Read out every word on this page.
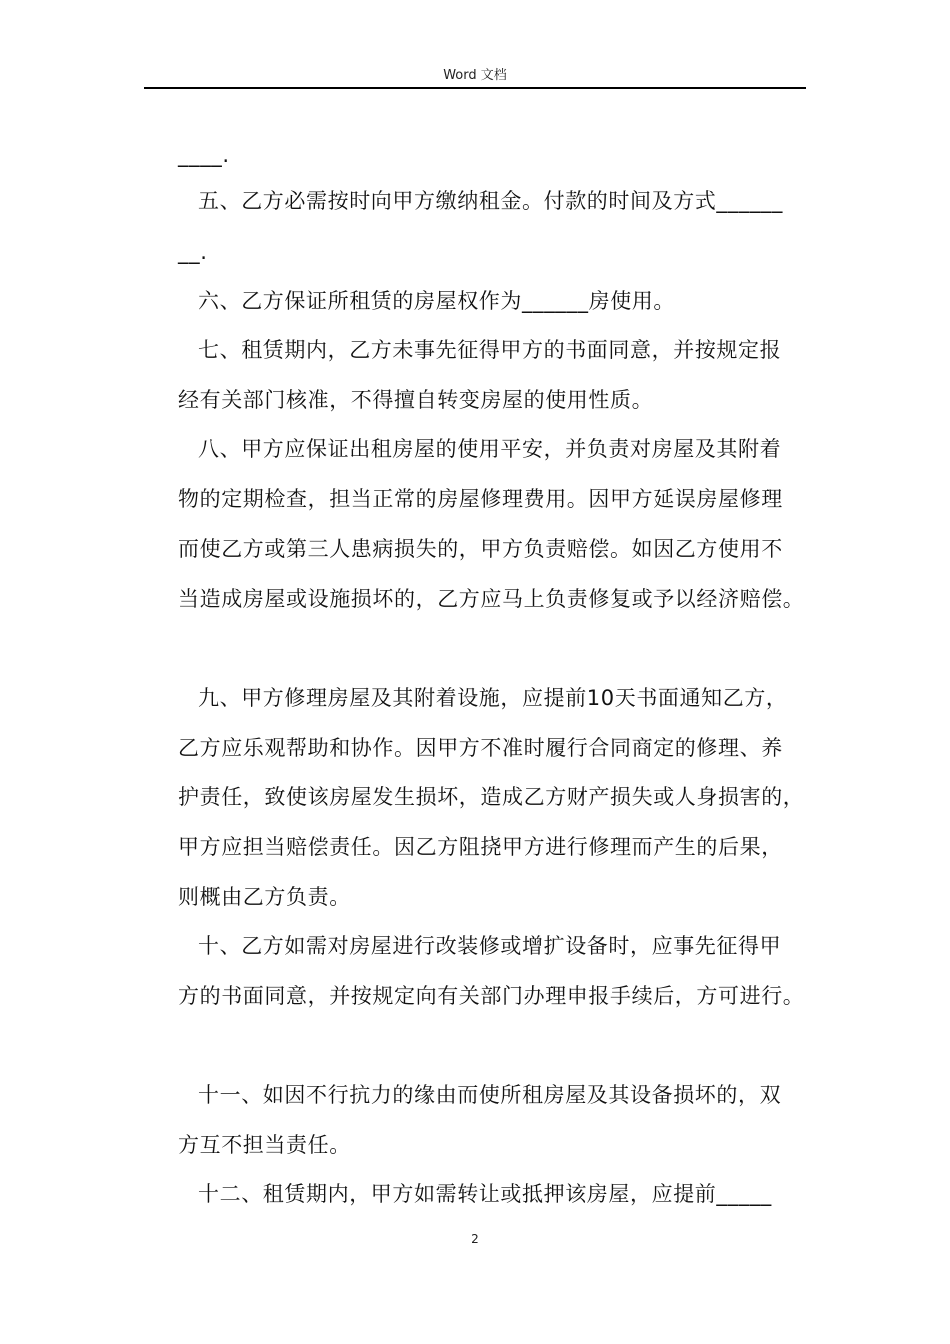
Word 文档
____.
五、乙方必需按时向甲方缴纳租金。付款的时间及方式______
__.
六、乙方保证所租赁的房屋权作为______房使用。
七、租赁期内，乙方未事先征得甲方的书面同意，并按规定报
经有关部门核准，不得擅自转变房屋的使用性质。
八、甲方应保证出租房屋的使用平安，并负责对房屋及其附着
物的定期检查，担当正常的房屋修理费用。因甲方延误房屋修理
而使乙方或第三人患病损失的，甲方负责赔偿。如因乙方使用不
当造成房屋或设施损坏的，乙方应马上负责修复或予以经济赔偿。
九、甲方修理房屋及其附着设施，应提前10天书面通知乙方，
乙方应乐观帮助和协作。因甲方不准时履行合同商定的修理、养
护责任，致使该房屋发生损坏，造成乙方财产损失或人身损害的，
甲方应担当赔偿责任。因乙方阻挠甲方进行修理而产生的后果，
则概由乙方负责。
十、乙方如需对房屋进行改装修或增扩设备时，应事先征得甲
方的书面同意，并按规定向有关部门办理申报手续后，方可进行。
十一、如因不行抗力的缘由而使所租房屋及其设备损坏的，双
方互不担当责任。
十二、租赁期内，甲方如需转让或抵押该房屋，应提前_____
2
